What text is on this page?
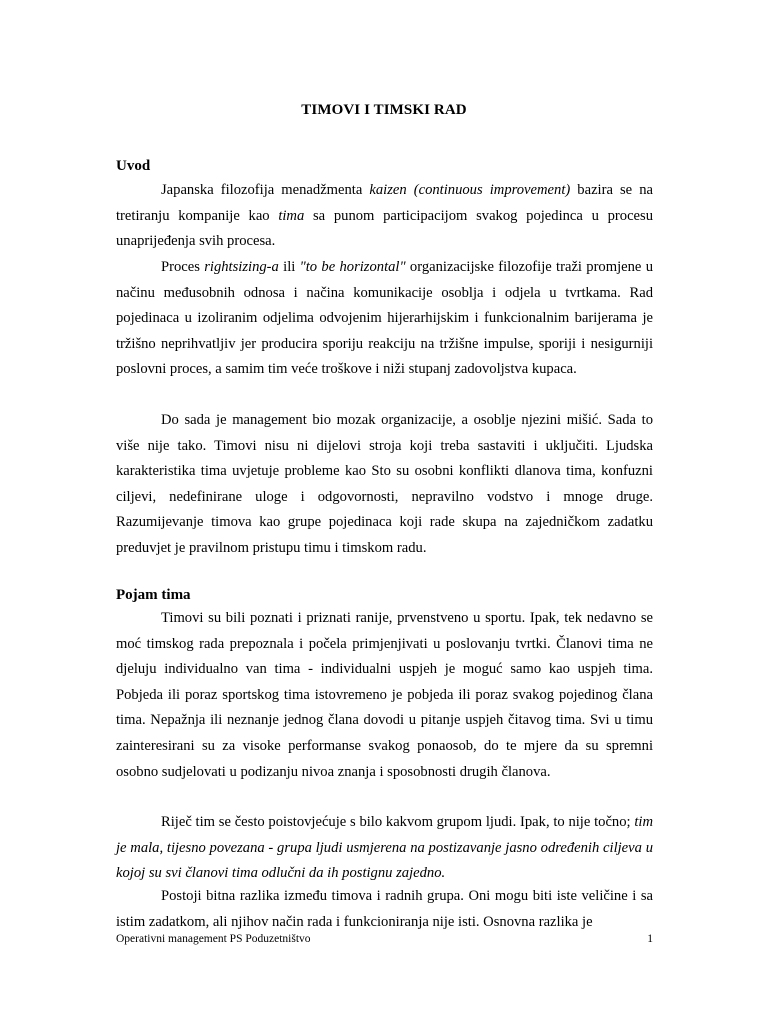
TIMOVI I TIMSKI RAD
Uvod

Japanska filozofija menadžmenta kaizen (continuous improvement) bazira se na tretiranju kompanije kao tima sa punom participacijom svakog pojedinca u procesu unaprijeđenja svih procesa.

Proces rightsizing-a ili "to be horizontal" organizacijske filozofije traži promjene u načinu međusobnih odnosa i načina komunikacije osoblja i odjela u tvrtkama. Rad pojedinaca u izoliranim odjelima odvojenim hijerarhijskim i funkcionalnim barijerama je tržišno neprihvatljiv jer producira sporiju reakciju na tržišne impulse, sporiji i nesigurniji poslovni proces, a samim tim veće troškove i niži stupanj zadovoljstva kupaca.

Do sada je management bio mozak organizacije, a osoblje njezini mišić. Sada to više nije tako. Timovi nisu ni dijelovi stroja koji treba sastaviti i uključiti. Ljudska karakteristika tima uvjetuje probleme kao Sto su osobni konflikti dlanova tima, konfuzni ciljevi, nedefinirane uloge i odgovornosti, nepravilno vodstvo i mnoge druge. Razumijevanje timova kao grupe pojedinaca koji rade skupa na zajedničkom zadatku preduvjet je pravilnom pristupu timu i timskom radu.

Pojam tima

Timovi su bili poznati i priznati ranije, prvenstveno u sportu. Ipak, tek nedavno se moć timskog rada prepoznala i počela primjenjivati u poslovanju tvrtki. Članovi tima ne djeluju individualno van tima - individualni uspjeh je moguć samo kao uspjeh tima. Pobjeda ili poraz sportskog tima istovremeno je pobjeda ili poraz svakog pojedinog člana tima. Nepažnja ili neznanje jednog člana dovodi u pitanje uspjeh čitavog tima. Svi u timu zainteresirani su za visoke performanse svakog ponaosob, do te mjere da su spremni osobno sudjelovati u podizanju nivoa znanja i sposobnosti drugih članova.

Riječ tim se često poistovjećuje s bilo kakvom grupom ljudi. Ipak, to nije točno; tim je mala, tijesno povezana - grupa ljudi usmjerena na postizavanje jasno određenih ciljeva u kojoj su svi članovi tima odlučni da ih postignu zajedno.

Postoji bitna razlika između timova i radnih grupa. Oni mogu biti iste veličine i sa istim zadatkom, ali njihov način rada i funkcioniranja nije isti. Osnovna razlika je

Operativni management PS Poduzetništvo	1
